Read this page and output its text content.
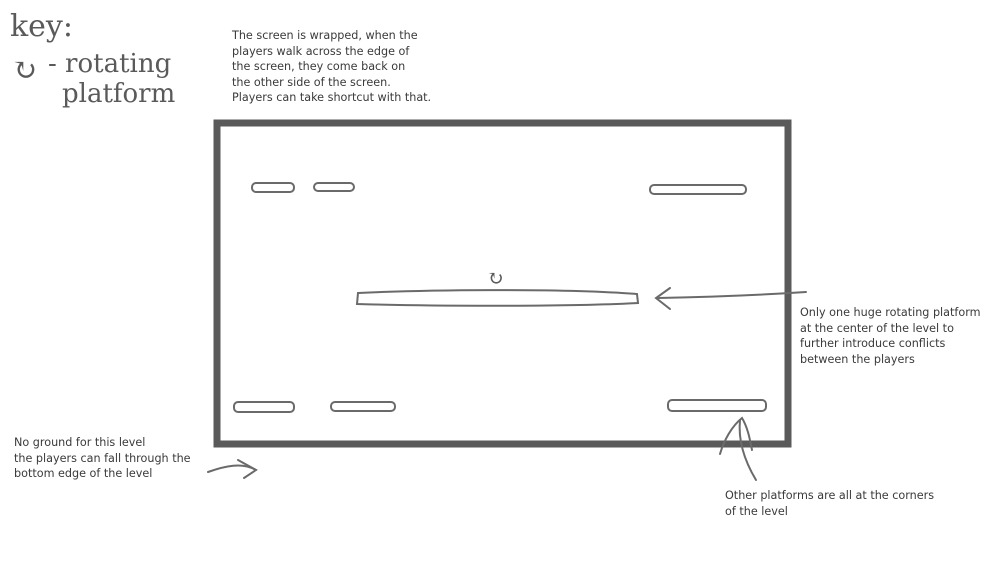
key:
↻ - rotating
platform
↻
The screen is wrapped, when the
players walk across the edge of
the screen, they come back on
the other side of the screen.
Players can take shortcut with that.
Only one huge rotating platform
at the center of the level to
further introduce conflicts
between the players
No ground for this level
the players can fall through the
bottom edge of the level
Other platforms are all at the corners
of the level
